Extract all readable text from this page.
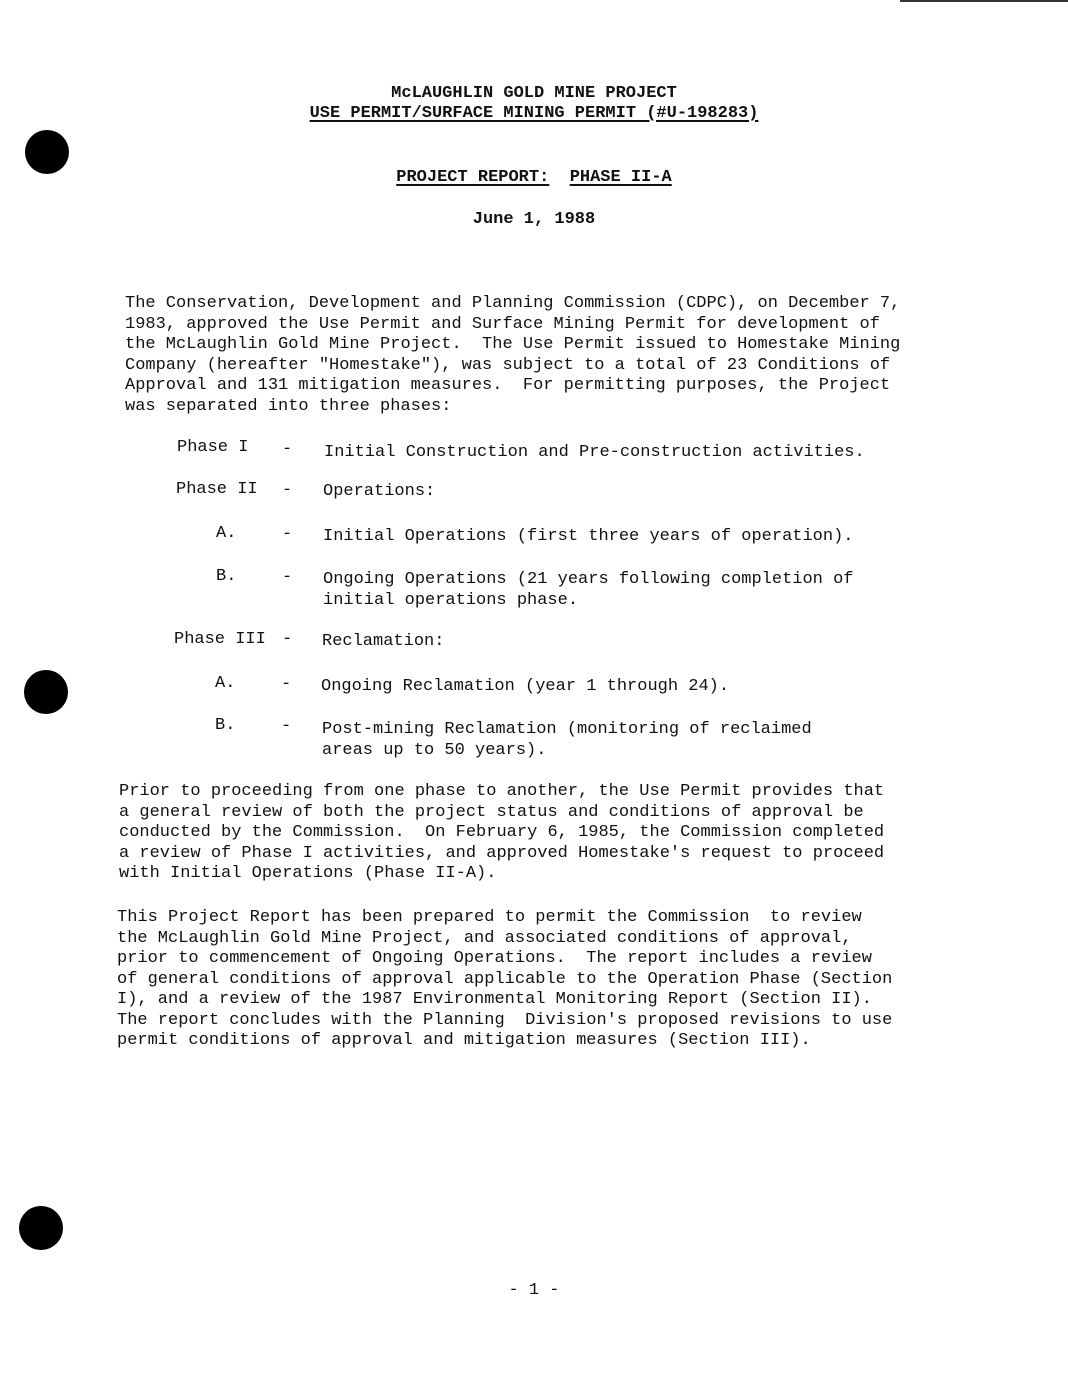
McLAUGHLIN GOLD MINE PROJECT
USE PERMIT/SURFACE MINING PERMIT (#U-198283)
PROJECT REPORT: PHASE II-A
June 1, 1988
The Conservation, Development and Planning Commission (CDPC), on December 7,
1983, approved the Use Permit and Surface Mining Permit for development of
the McLaughlin Gold Mine Project.  The Use Permit issued to Homestake Mining
Company (hereafter "Homestake"), was subject to a total of 23 Conditions of
Approval and 131 mitigation measures.  For permitting purposes, the Project
was separated into three phases:
Phase I - Initial Construction and Pre-construction activities.
Phase II - Operations:
A.	- Initial Operations (first three years of operation).
B.	- Ongoing Operations (21 years following completion of
initial operations phase.
Phase III - Reclamation:
A.	- Ongoing Reclamation (year 1 through 24).
B.	- Post-mining Reclamation (monitoring of reclaimed
areas up to 50 years).
Prior to proceeding from one phase to another, the Use Permit provides that
a general review of both the project status and conditions of approval be
conducted by the Commission.  On February 6, 1985, the Commission completed
a review of Phase I activities, and approved Homestake's request to proceed
with Initial Operations (Phase II-A).
This Project Report has been prepared to permit the Commission  to review
the McLaughlin Gold Mine Project, and associated conditions of approval,
prior to commencement of Ongoing Operations.  The report includes a review
of general conditions of approval applicable to the Operation Phase (Section
I), and a review of the 1987 Environmental Monitoring Report (Section II).
The report concludes with the Planning  Division's proposed revisions to use
permit conditions of approval and mitigation measures (Section III).
- 1 -
